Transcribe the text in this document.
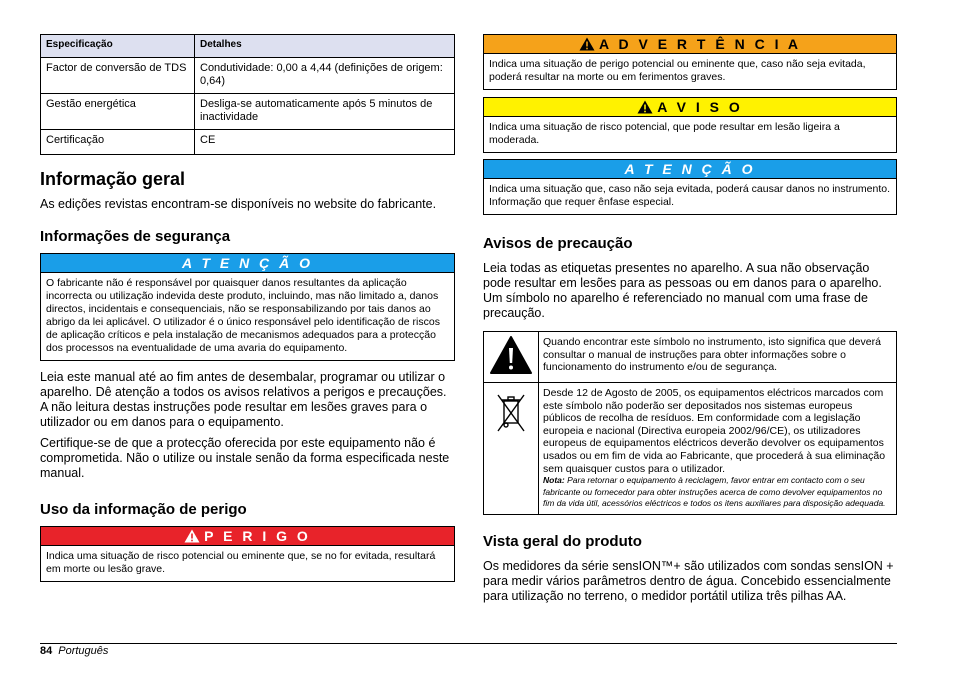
Especificação	Detalhes
Factor de conversão de TDS	Condutividade: 0,00 a 4,44 (definições de origem: 0,64)
Gestão energética	Desliga-se automaticamente após 5 minutos de inactividade
Certificação	CE
Informação geral

As edições revistas encontram-se disponíveis no website do fabricante.

Informações de segurança
A T E N Ç Ã O
O fabricante não é responsável por quaisquer danos resultantes da aplicação incorrecta ou utilização indevida deste produto, incluindo, mas não limitado a, danos directos, incidentais e consequenciais, não se responsabilizando por tais danos ao abrigo da lei aplicável. O utilizador é o único responsável pelo identificação de riscos de aplicação críticos e pela instalação de mecanismos adequados para a protecção dos processos na eventualidade de uma avaria do equipamento.

Leia este manual até ao fim antes de desembalar, programar ou utilizar o aparelho. Dê atenção a todos os avisos relativos a perigos e precauções. A não leitura destas instruções pode resultar em lesões graves para o utilizador ou em danos para o equipamento.

Certifique-se de que a protecção oferecida por este equipamento não é comprometida. Não o utilize ou instale senão da forma especificada neste manual.

Uso da informação de perigo
P E R I G O
Indica uma situação de risco potencial ou eminente que, se no for evitada, resultará em morte ou lesão grave.
A D V E R T Ê N C I A
Indica uma situação de perigo potencial ou eminente que, caso não seja evitada, poderá resultar na morte ou em ferimentos graves.
A V I S O
Indica uma situação de risco potencial, que pode resultar em lesão ligeira a moderada.
A T E N Ç Ã O
Indica uma situação que, caso não seja evitada, poderá causar danos no instrumento. Informação que requer ênfase especial.
Avisos de precaução

Leia todas as etiquetas presentes no aparelho. A sua não observação pode resultar em lesões para as pessoas ou em danos para o aparelho. Um símbolo no aparelho é referenciado no manual com uma frase de precaução.

	Quando encontrar este símbolo no instrumento, isto significa que deverá consultar o manual de instruções para obter informações sobre o funcionamento do instrumento e/ou de segurança.

Desde 12 de Agosto de 2005, os equipamentos eléctricos marcados com este símbolo não poderão ser depositados nos sistemas europeus públicos de recolha de resíduos. Em conformidade com a legislação europeia e nacional (Directiva europeia 2002/96/CE), os utilizadores europeus de equipamentos eléctricos deverão devolver os equipamentos usados ou em fim de vida ao Fabricante, que procederá à sua eliminação sem quaisquer custos para o utilizador.
Nota: Para retornar o equipamento à reciclagem, favor entrar em contacto com o seu fabricante ou fornecedor para obter instruções acerca de como devolver equipamentos no fim da vida útil, acessórios eléctricos e todos os itens auxiliares para disposição adequada.
Vista geral do produto

Os medidores da série sensION™+ são utilizados com sondas sensION + para medir vários parâmetros dentro de água. Concebido essencialmente para utilização no terreno, o medidor portátil utiliza três pilhas AA.

84 Português
